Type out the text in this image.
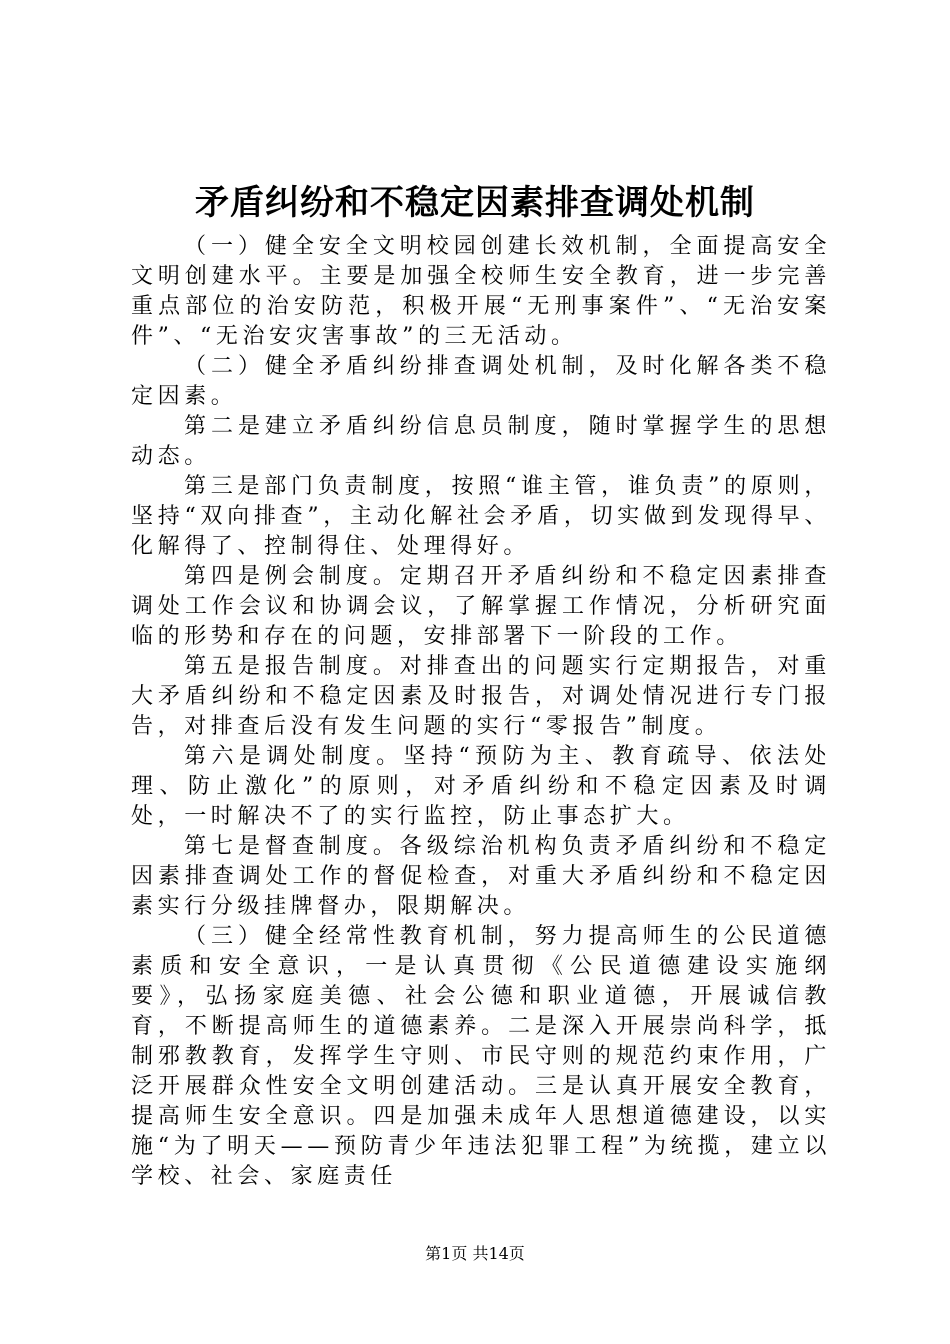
矛盾纠纷和不稳定因素排查调处机制

（一）健全安全文明校园创建长效机制，全面提高安全文明创建水平。主要是加强全校师生安全教育，进一步完善重点部位的治安防范，积极开展“无刑事案件”、“无治安案件”、“无治安灾害事故”的三无活动。

（二）健全矛盾纠纷排查调处机制，及时化解各类不稳定因素。

第二是建立矛盾纠纷信息员制度，随时掌握学生的思想动态。

第三是部门负责制度，按照“谁主管，谁负责”的原则，坚持“双向排查”，主动化解社会矛盾，切实做到发现得早、化解得了、控制得住、处理得好。

第四是例会制度。定期召开矛盾纠纷和不稳定因素排查调处工作会议和协调会议，了解掌握工作情况，分析研究面临的形势和存在的问题，安排部署下一阶段的工作。

第五是报告制度。对排查出的问题实行定期报告，对重大矛盾纠纷和不稳定因素及时报告，对调处情况进行专门报告，对排查后没有发生问题的实行“零报告”制度。

第六是调处制度。坚持“预防为主、教育疏导、依法处理、防止激化”的原则，对矛盾纠纷和不稳定因素及时调处，一时解决不了的实行监控，防止事态扩大。

第七是督查制度。各级综治机构负责矛盾纠纷和不稳定因素排查调处工作的督促检查，对重大矛盾纠纷和不稳定因素实行分级挂牌督办，限期解决。

（三）健全经常性教育机制，努力提高师生的公民道德素质和安全意识，一是认真贯彻《公民道德建设实施纲要》，弘扬家庭美德、社会公德和职业道德，开展诚信教育，不断提高师生的道德素养。二是深入开展崇尚科学，抵制邪教教育，发挥学生守则、市民守则的规范约束作用，广泛开展群众性安全文明创建活动。三是认真开展安全教育，提高师生安全意识。四是加强未成年人思想道德建设，以实施“为了明天——预防青少年违法犯罪工程”为统揽，建立以学校、社会、家庭责任

第1页 共14页
